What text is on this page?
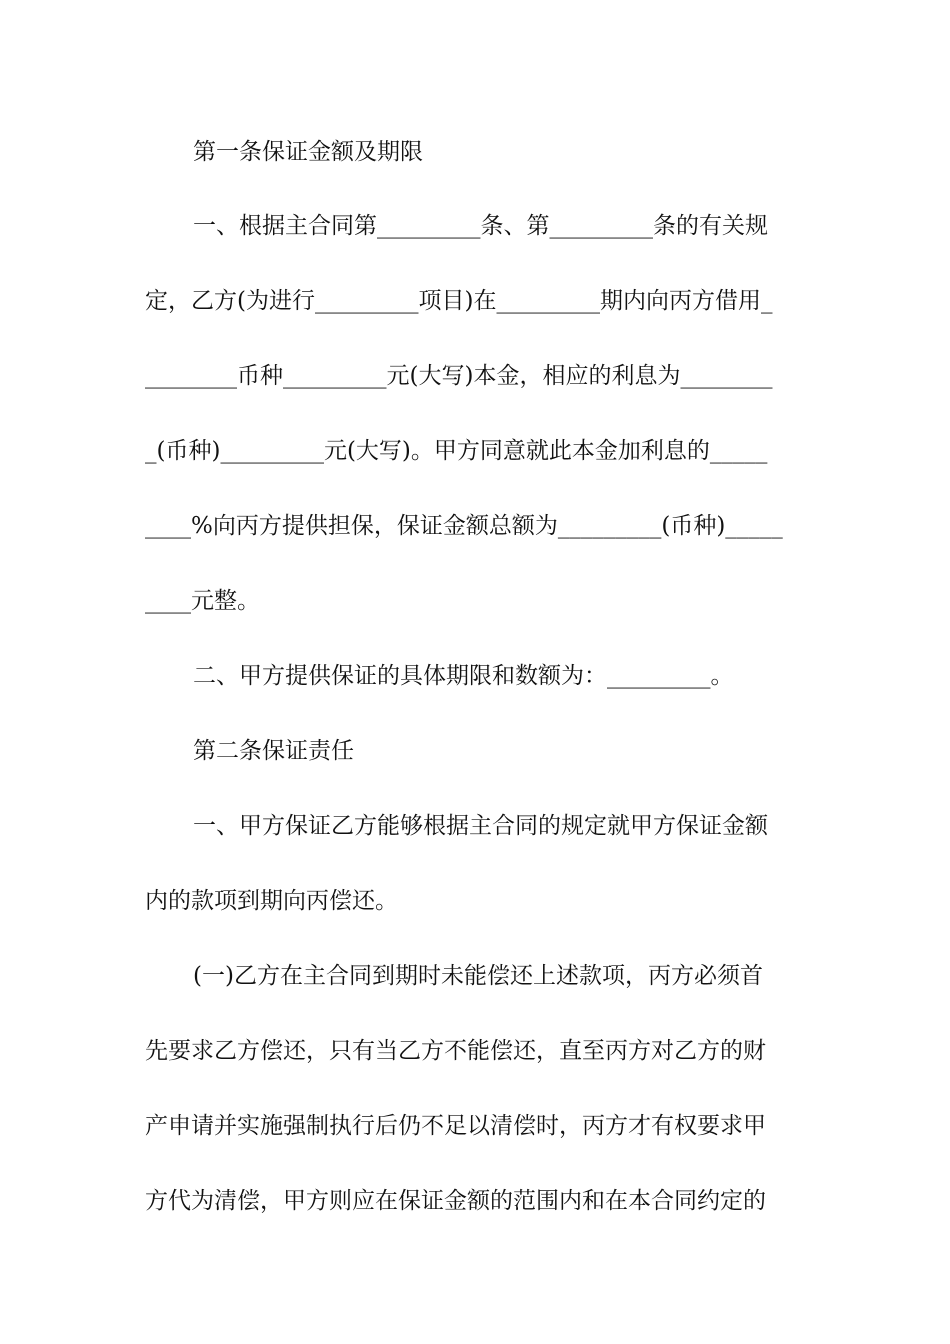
第一条保证金额及期限
一、根据主合同第_________条、第_________条的有关规
定，乙方(为进行_________项目)在_________期内向丙方借用_
________币种_________元(大写)本金，相应的利息为________
_(币种)_________元(大写)。甲方同意就此本金加利息的_____
____%向丙方提供担保，保证金额总额为_________(币种)_____
____元整。
二、甲方提供保证的具体期限和数额为：_________。
第二条保证责任
一、甲方保证乙方能够根据主合同的规定就甲方保证金额
内的款项到期向丙偿还。
(一)乙方在主合同到期时未能偿还上述款项，丙方必须首
先要求乙方偿还，只有当乙方不能偿还，直至丙方对乙方的财
产申请并实施强制执行后仍不足以清偿时，丙方才有权要求甲
方代为清偿，甲方则应在保证金额的范围内和在本合同约定的
